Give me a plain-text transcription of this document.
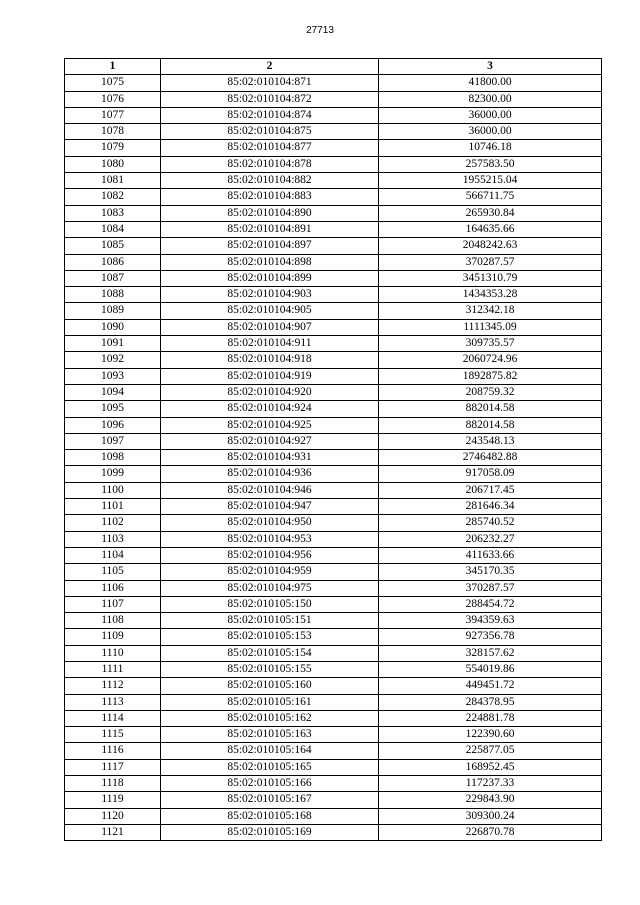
27713
1	2	3
1075	85:02:010104:871	41800.00
1076	85:02:010104:872	82300.00
1077	85:02:010104:874	36000.00
1078	85:02:010104:875	36000.00
1079	85:02:010104:877	10746.18
1080	85:02:010104:878	257583.50
1081	85:02:010104:882	1955215.04
1082	85:02:010104:883	566711.75
1083	85:02:010104:890	265930.84
1084	85:02:010104:891	164635.66
1085	85:02:010104:897	2048242.63
1086	85:02:010104:898	370287.57
1087	85:02:010104:899	3451310.79
1088	85:02:010104:903	1434353.28
1089	85:02:010104:905	312342.18
1090	85:02:010104:907	1111345.09
1091	85:02:010104:911	309735.57
1092	85:02:010104:918	2060724.96
1093	85:02:010104:919	1892875.82
1094	85:02:010104:920	208759.32
1095	85:02:010104:924	882014.58
1096	85:02:010104:925	882014.58
1097	85:02:010104:927	243548.13
1098	85:02:010104:931	2746482.88
1099	85:02:010104:936	917058.09
1100	85:02:010104:946	206717.45
1101	85:02:010104:947	281646.34
1102	85:02:010104:950	285740.52
1103	85:02:010104:953	206232.27
1104	85:02:010104:956	411633.66
1105	85:02:010104:959	345170.35
1106	85:02:010104:975	370287.57
1107	85:02:010105:150	288454.72
1108	85:02:010105:151	394359.63
1109	85:02:010105:153	927356.78
1110	85:02:010105:154	328157.62
1111	85:02:010105:155	554019.86
1112	85:02:010105:160	449451.72
1113	85:02:010105:161	284378.95
1114	85:02:010105:162	224881.78
1115	85:02:010105:163	122390.60
1116	85:02:010105:164	225877.05
1117	85:02:010105:165	168952.45
1118	85:02:010105:166	117237.33
1119	85:02:010105:167	229843.90
1120	85:02:010105:168	309300.24
1121	85:02:010105:169	226870.78
